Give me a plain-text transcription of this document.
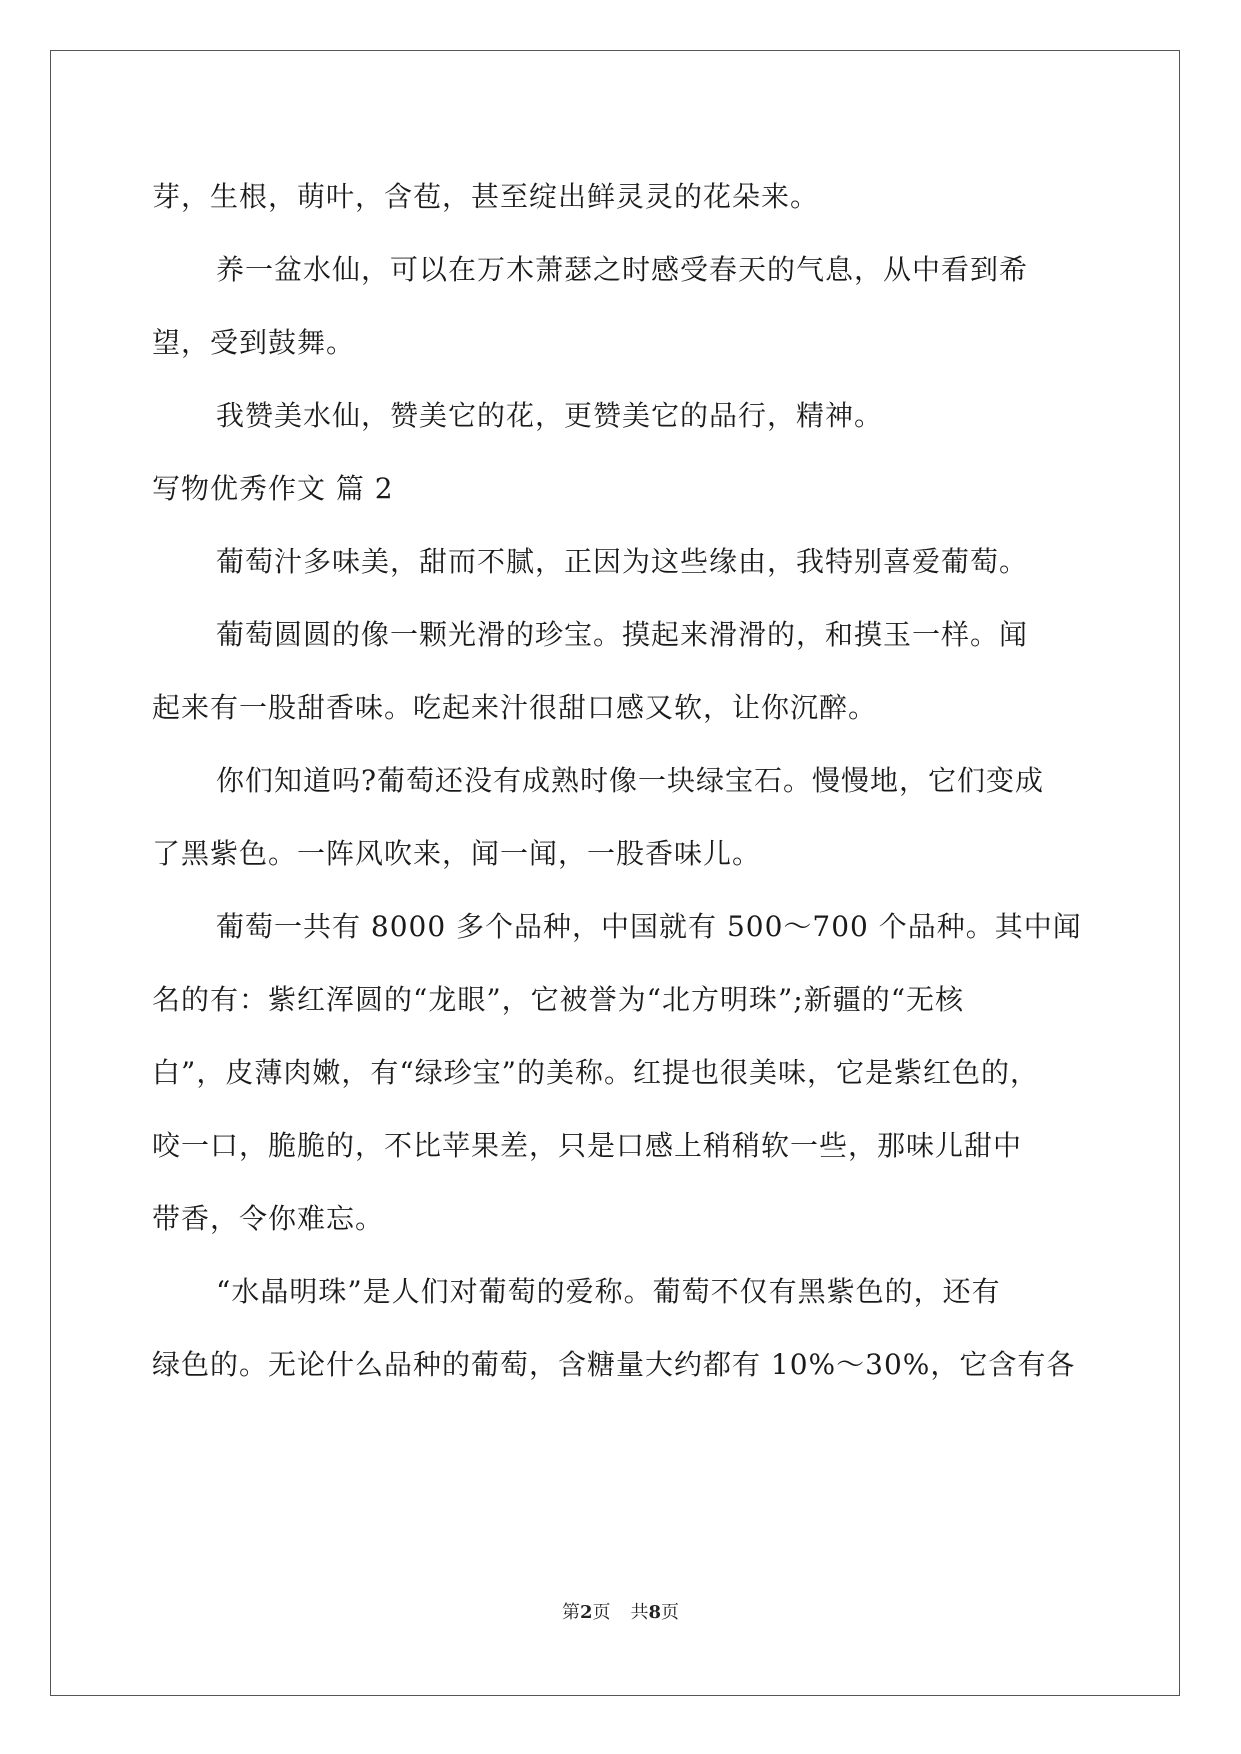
芽，生根，萌叶，含苞，甚至绽出鲜灵灵的花朵来。
养一盆水仙，可以在万木萧瑟之时感受春天的气息，从中看到希
望，受到鼓舞。
我赞美水仙，赞美它的花，更赞美它的品行，精神。
写物优秀作文 篇 2
葡萄汁多味美，甜而不腻，正因为这些缘由，我特别喜爱葡萄。
葡萄圆圆的像一颗光滑的珍宝。摸起来滑滑的，和摸玉一样。闻
起来有一股甜香味。吃起来汁很甜口感又软，让你沉醉。
你们知道吗?葡萄还没有成熟时像一块绿宝石。慢慢地，它们变成
了黑紫色。一阵风吹来，闻一闻，一股香味儿。
葡萄一共有 8000 多个品种，中国就有 500～700 个品种。其中闻
名的有：紫红浑圆的“龙眼”，它被誉为“北方明珠”;新疆的“无核
白”，皮薄肉嫩，有“绿珍宝”的美称。红提也很美味，它是紫红色的，
咬一口，脆脆的，不比苹果差，只是口感上稍稍软一些，那味儿甜中
带香，令你难忘。
“水晶明珠”是人们对葡萄的爱称。葡萄不仅有黑紫色的，还有
绿色的。无论什么品种的葡萄，含糖量大约都有 10%～30%，它含有各
第2页 共8页
